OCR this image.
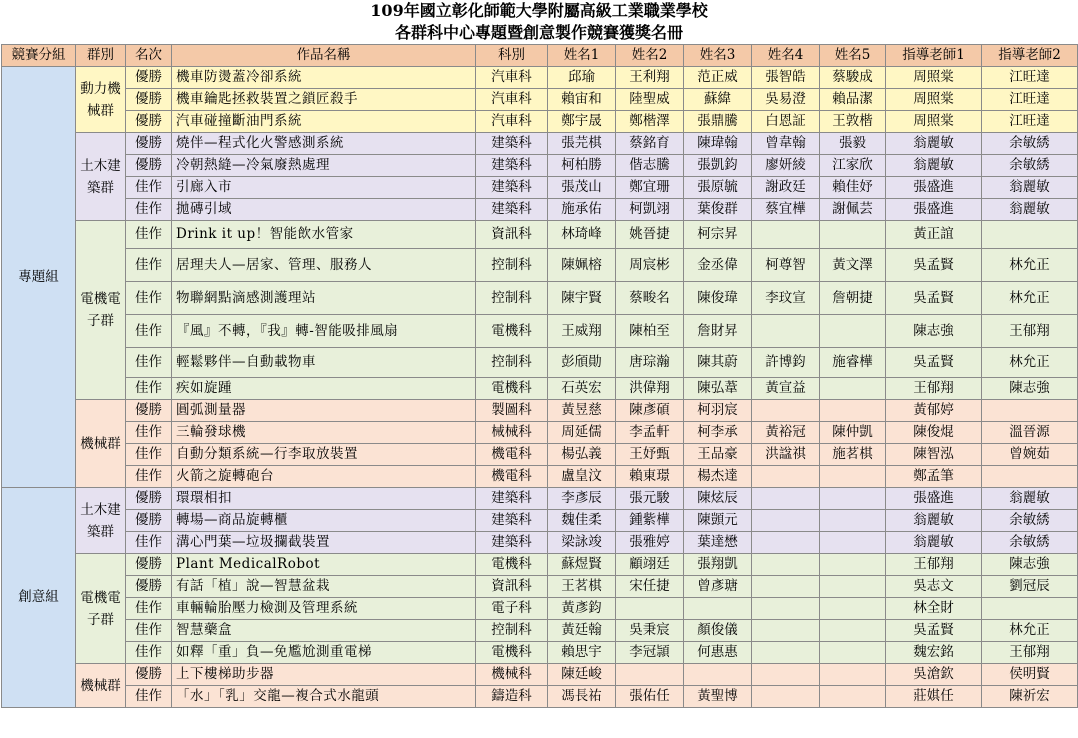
109年國立彰化師範大學附屬高級工業職業學校
各群科中心專題暨創意製作競賽獲獎名冊
競賽分組	群別	名次	作品名稱	科別	姓名1	姓名2	姓名3	姓名4	姓名5	指導老師1	指導老師2
專題組	動力機械群	優勝	機車防燙蓋冷卻系統	汽車科	邱瑜	王利翔	范正威	張智皓	蔡駿成	周照棠	江旺達
		優勝	機車鑰匙拯救裝置之鎖匠殺手	汽車科	賴宙和	陸聖威	蘇緯	吳易澄	賴品潔	周照棠	江旺達
		優勝	汽車碰撞斷油門系統	汽車科	鄭宇晟	鄭楷澤	張鼎騰	白恩証	王敦楷	周照棠	江旺達
	土木建築群	優勝	燒伴—程式化火警感測系統	建築科	張芫棋	蔡銘育	陳瑋翰	曾韋翰	張毅	翁麗敏	余敏綉
		優勝	冷朝熱縫—冷氣廢熱處理	建築科	柯柏勝	偕志騰	張凱鈞	廖妍綾	江家欣	翁麗敏	余敏綉
		佳作	引廊入市	建築科	張茂山	鄭宜珊	張原毓	謝政廷	賴佳妤	張盛進	翁麗敏
		佳作	拋磚引域	建築科	施承佑	柯凱翊	葉俊群	蔡宜樺	謝佩芸	張盛進	翁麗敏
	電機電子群	佳作	Drink it up！智能飲水管家	資訊科	林琦峰	姚晉捷	柯宗昇			黃正誼	
		佳作	居理夫人—居家、管理、服務人	控制科	陳姵榕	周宸彬	金丞偉	柯尊智	黃文澤	吳孟賢	林允正
		佳作	物聯網點滴感測護理站	控制科	陳宇賢	蔡畯名	陳俊瑋	李玟宣	詹朝捷	吳孟賢	林允正
		佳作	『風』不轉，『我』轉-智能吸排風扇	電機科	王威翔	陳柏至	詹財昇			陳志強	王郁翔
		佳作	輕鬆夥伴—自動載物車	控制科	彭頎勛	唐琮瀚	陳其蔚	許博鈞	施睿樺	吳孟賢	林允正
		佳作	疾如旋踵	電機科	石英宏	洪偉翔	陳弘葦	黃宣益		王郁翔	陳志強
	機械群	優勝	圓弧測量器	製圖科	黃昱慈	陳彥碩	柯羽宸			黃郁婷	
		佳作	三輪發球機	械械科	周延儒	李孟軒	柯李承	黃裕冠	陳仲凱	陳俊焜	溫晉源
		佳作	自動分類系統—行李取放裝置	機電科	楊弘義	王妤甄	王品豪	洪諡祺	施茗棋	陳智泓	曾婉茹
		佳作	火箭之旋轉砲台	機電科	盧皇汶	賴東璟	楊杰達			鄭孟筆	
創意組	土木建築群	優勝	環環相扣	建築科	李彥辰	張元駿	陳炫辰			張盛進	翁麗敏
		優勝	轉場—商品旋轉櫃	建築科	魏佳柔	鍾紫樺	陳顗元			翁麗敏	余敏綉
		佳作	溝心門葉—垃圾攔截裝置	建築科	梁詠竣	張雅婷	葉達懋			翁麗敏	余敏綉
	電機電子群	優勝	Plant MedicalRobot	電機科	蘇煜賢	顧翊廷	張翔凱			王郁翔	陳志強
		優勝	有話「植」說—智慧盆栽	資訊科	王茗棋	宋任捷	曾彥瑭			吳志文	劉冠辰
		佳作	車輛輪胎壓力檢測及管理系統	電子科	黃彥鈞					林全財	
		佳作	智慧藥盒	控制科	黃廷翰	吳秉宸	顏俊儀			吳孟賢	林允正
		佳作	如釋「重」負—免尷尬測重電梯	電機科	賴思宇	李冠頴	何惠惠			魏宏銘	王郁翔
	機械群	優勝	上下樓梯助步器	機械科	陳廷峻					吳滄欽	侯明賢
		佳作	「水」「乳」交龍—複合式水龍頭	鑄造科	馮長祐	張佑任	黃聖博			莊娸任	陳祈宏
